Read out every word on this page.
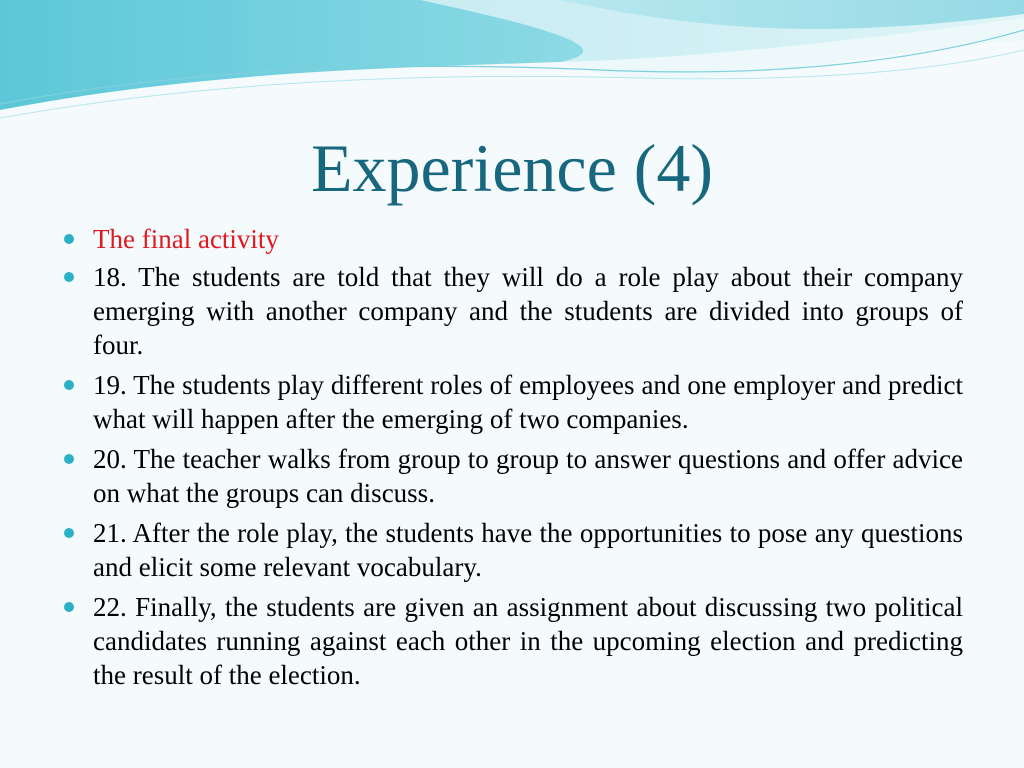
Experience (4)
The final activity
18. The students are told that they will do a role play about their company emerging with another company and the students are divided into groups of four.
19. The students play different roles of employees and one employer and predict what will happen after the emerging of two companies.
20. The teacher walks from group to group to answer questions and offer advice on what the groups can discuss.
21. After the role play, the students have the opportunities to pose any questions and elicit some relevant vocabulary.
22. Finally, the students are given an assignment about discussing two political candidates running against each other in the upcoming election and predicting the result of the election.
